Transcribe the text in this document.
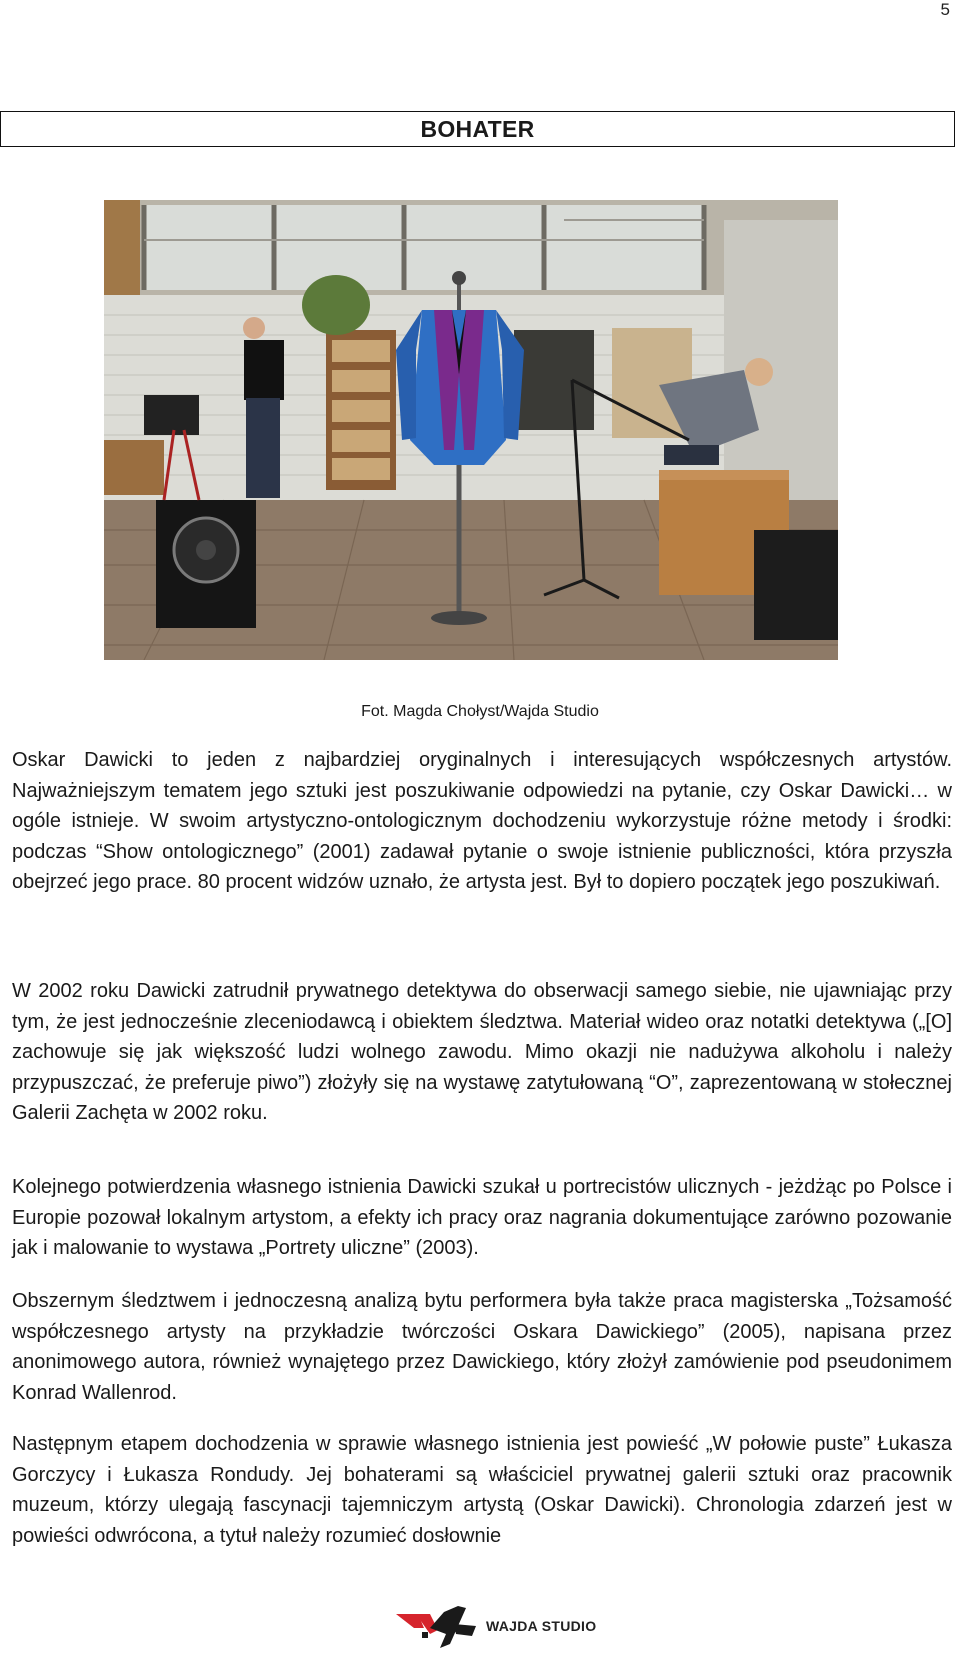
5
BOHATER
Fot. Magda Chołyst/Wajda Studio

Oskar Dawicki to jeden z najbardziej oryginalnych i interesujących współczesnych artystów. Najważniejszym tematem jego sztuki jest poszukiwanie odpowiedzi na pytanie, czy Oskar Dawicki… w ogóle istnieje. W swoim artystyczno-ontologicznym dochodzeniu wykorzystuje różne metody i środki: podczas “Show ontologicznego” (2001) zadawał pytanie o swoje istnienie publiczności, która przyszła obejrzeć jego prace. 80 procent widzów uznało, że artysta jest. Był to dopiero początek jego poszukiwań.

W 2002 roku Dawicki zatrudnił prywatnego detektywa do obserwacji samego siebie, nie ujawniając przy tym, że jest jednocześnie zleceniodawcą i obiektem śledztwa. Materiał wideo oraz notatki detektywa („[O] zachowuje się jak większość ludzi wolnego zawodu. Mimo okazji nie nadużywa alkoholu i należy przypuszczać, że preferuje piwo”) złożyły się na wystawę zatytułowaną “O”, zaprezentowaną w stołecznej Galerii Zachęta w 2002 roku.

Kolejnego potwierdzenia własnego istnienia Dawicki szukał u portrecistów ulicznych - jeżdżąc po Polsce i Europie pozował lokalnym artystom, a efekty ich pracy oraz nagrania dokumentujące zarówno pozowanie jak i malowanie to wystawa „Portrety uliczne” (2003).

Obszernym śledztwem i jednoczesną analizą bytu performera była także praca magisterska „Tożsamość współczesnego artysty na przykładzie twórczości Oskara Dawickiego” (2005), napisana przez anonimowego autora, również wynajętego przez Dawickiego, który złożył zamówienie pod pseudonimem Konrad Wallenrod.

Następnym etapem dochodzenia w sprawie własnego istnienia jest powieść „W połowie puste” Łukasza Gorczycy i Łukasza Rondudy. Jej bohaterami są właściciel prywatnej galerii sztuki oraz pracownik muzeum, którzy ulegają fascynacji tajemniczym artystą (Oskar Dawicki). Chronologia zdarzeń jest w powieści odwrócona, a tytuł należy rozumieć dosłownie

WAJDA STUDIO
